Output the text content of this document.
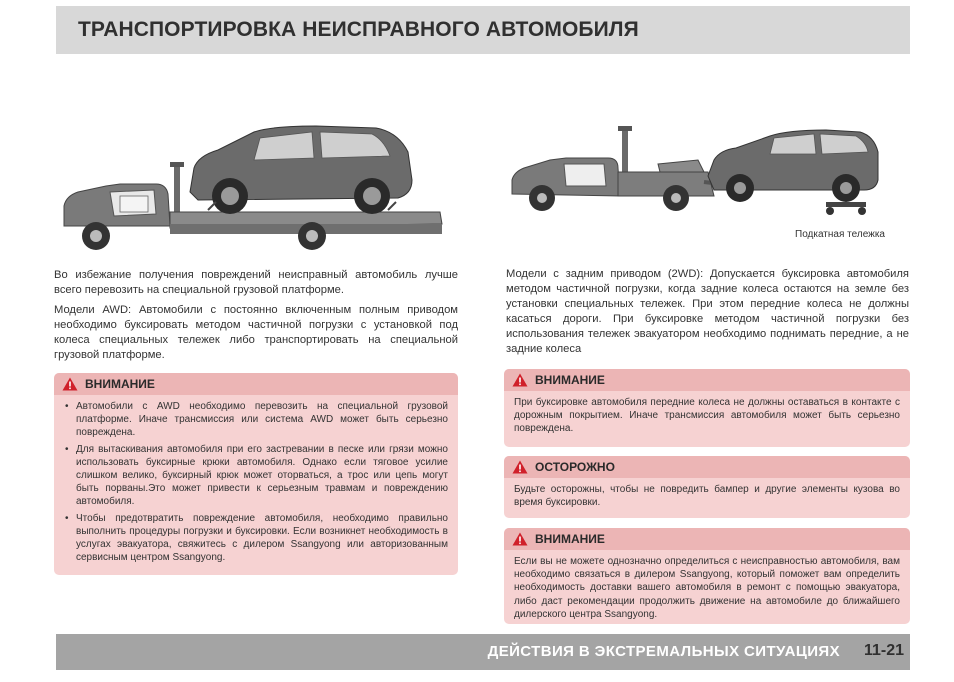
ТРАНСПОРТИРОВКА НЕИСПРАВНОГО АВТОМОБИЛЯ
Подкатная тележка
Во избежание получения повреждений неисправный автомобиль лучше всего перевозить на специальной грузовой платформе.
Модели AWD: Автомобили с постоянно включенным полным приводом необходимо буксировать методом частичной погрузки с установкой под колеса специальных тележек либо транспортировать на специальной грузовой платформе.
ВНИМАНИЕ
• Автомобили с AWD необходимо перевозить на специальной грузовой платформе. Иначе трансмиссия или система AWD может быть серьезно повреждена.
• Для вытаскивания автомобиля при его застревании в песке или грязи можно использовать буксирные крюки автомобиля. Однако если тяговое усилие слишком велико, буксирный крюк может оторваться, а трос или цепь могут быть порваны.Это может привести к серьезным травмам и повреждению автомобиля.
• Чтобы предотвратить повреждение автомобиля, необходимо правильно выполнить процедуры погрузки и буксировки. Если возникнет необходимость в услугах эвакуатора, свяжитесь с дилером Ssangyong или авторизованным сервисным центром Ssangyong.
Модели с задним приводом (2WD): Допускается буксировка автомобиля методом частичной погрузки, когда задние колеса остаются на земле без установки специальных тележек. При этом передние колеса не должны касаться дороги. При буксировке методом частичной погрузки без использования тележек эвакуатором необходимо поднимать передние, а не задние колеса
ВНИМАНИЕ

При буксировке автомобиля передние колеса не должны оставаться в контакте с дорожным покрытием. Иначе трансмиссия автомобиля может быть серьезно повреждена.

ОСТОРОЖНО

Будьте осторожны, чтобы не повредить бампер и другие элементы кузова во время буксировки.

ВНИМАНИЕ

Если вы не можете однозначно определиться с неисправностью автомобиля, вам необходимо связаться в дилером Ssangyong, который поможет вам определить необходимость доставки вашего автомобиля в ремонт с помощью эвакуатора, либо даст рекомендации продолжить движение на автомобиле до ближайшего дилерского центра Ssangyong.

ДЕЙСТВИЯ В ЭКСТРЕМАЛЬНЫХ СИТУАЦИЯХ 11-21
